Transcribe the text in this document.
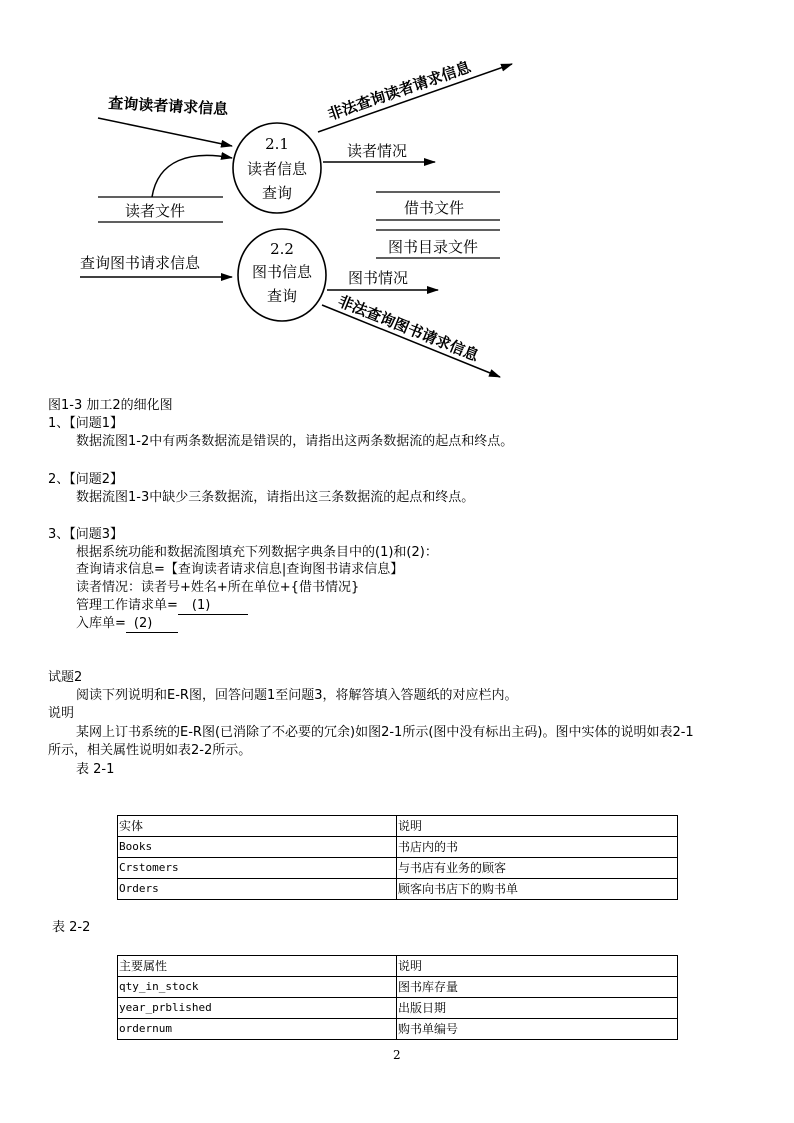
查询读者请求信息
2.1
读者信息
查询
非法查询读者请求信息
读者情况
读者文件	借书文件
图书目录文件
查询图书请求信息
2.2
图书信息
查询
图书情况
非法查询图书请求信息
图1-3 加工2的细化图
1、【问题1】
数据流图1-2中有两条数据流是错误的，请指出这两条数据流的起点和终点。
2、【问题2】
数据流图1-3中缺少三条数据流，请指出这三条数据流的起点和终点。
3、【问题3】
根据系统功能和数据流图填充下列数据字典条目中的(1)和(2)：
查询请求信息=【查询读者请求信息|查询图书请求信息】
读者情况：读者号+姓名+所在单位+{借书情况}
管理工作请求单= (1)
入库单= (2)
试题2
阅读下列说明和E-R图，回答问题1至问题3，将解答填入答题纸的对应栏内。
说明
某网上订书系统的E-R图(已消除了不必要的冗余)如图2-1所示(图中没有标出主码)。图中实体的说明如表2-1
所示，相关属性说明如表2-2所示。
表 2-1
实体	说明
Books	书店内的书
Crstomers	与书店有业务的顾客
Orders	顾客向书店下的购书单
表 2-2
主要属性	说明
qty_in_stock	图书库存量
year_prblished	出版日期
ordernum	购书单编号
2
